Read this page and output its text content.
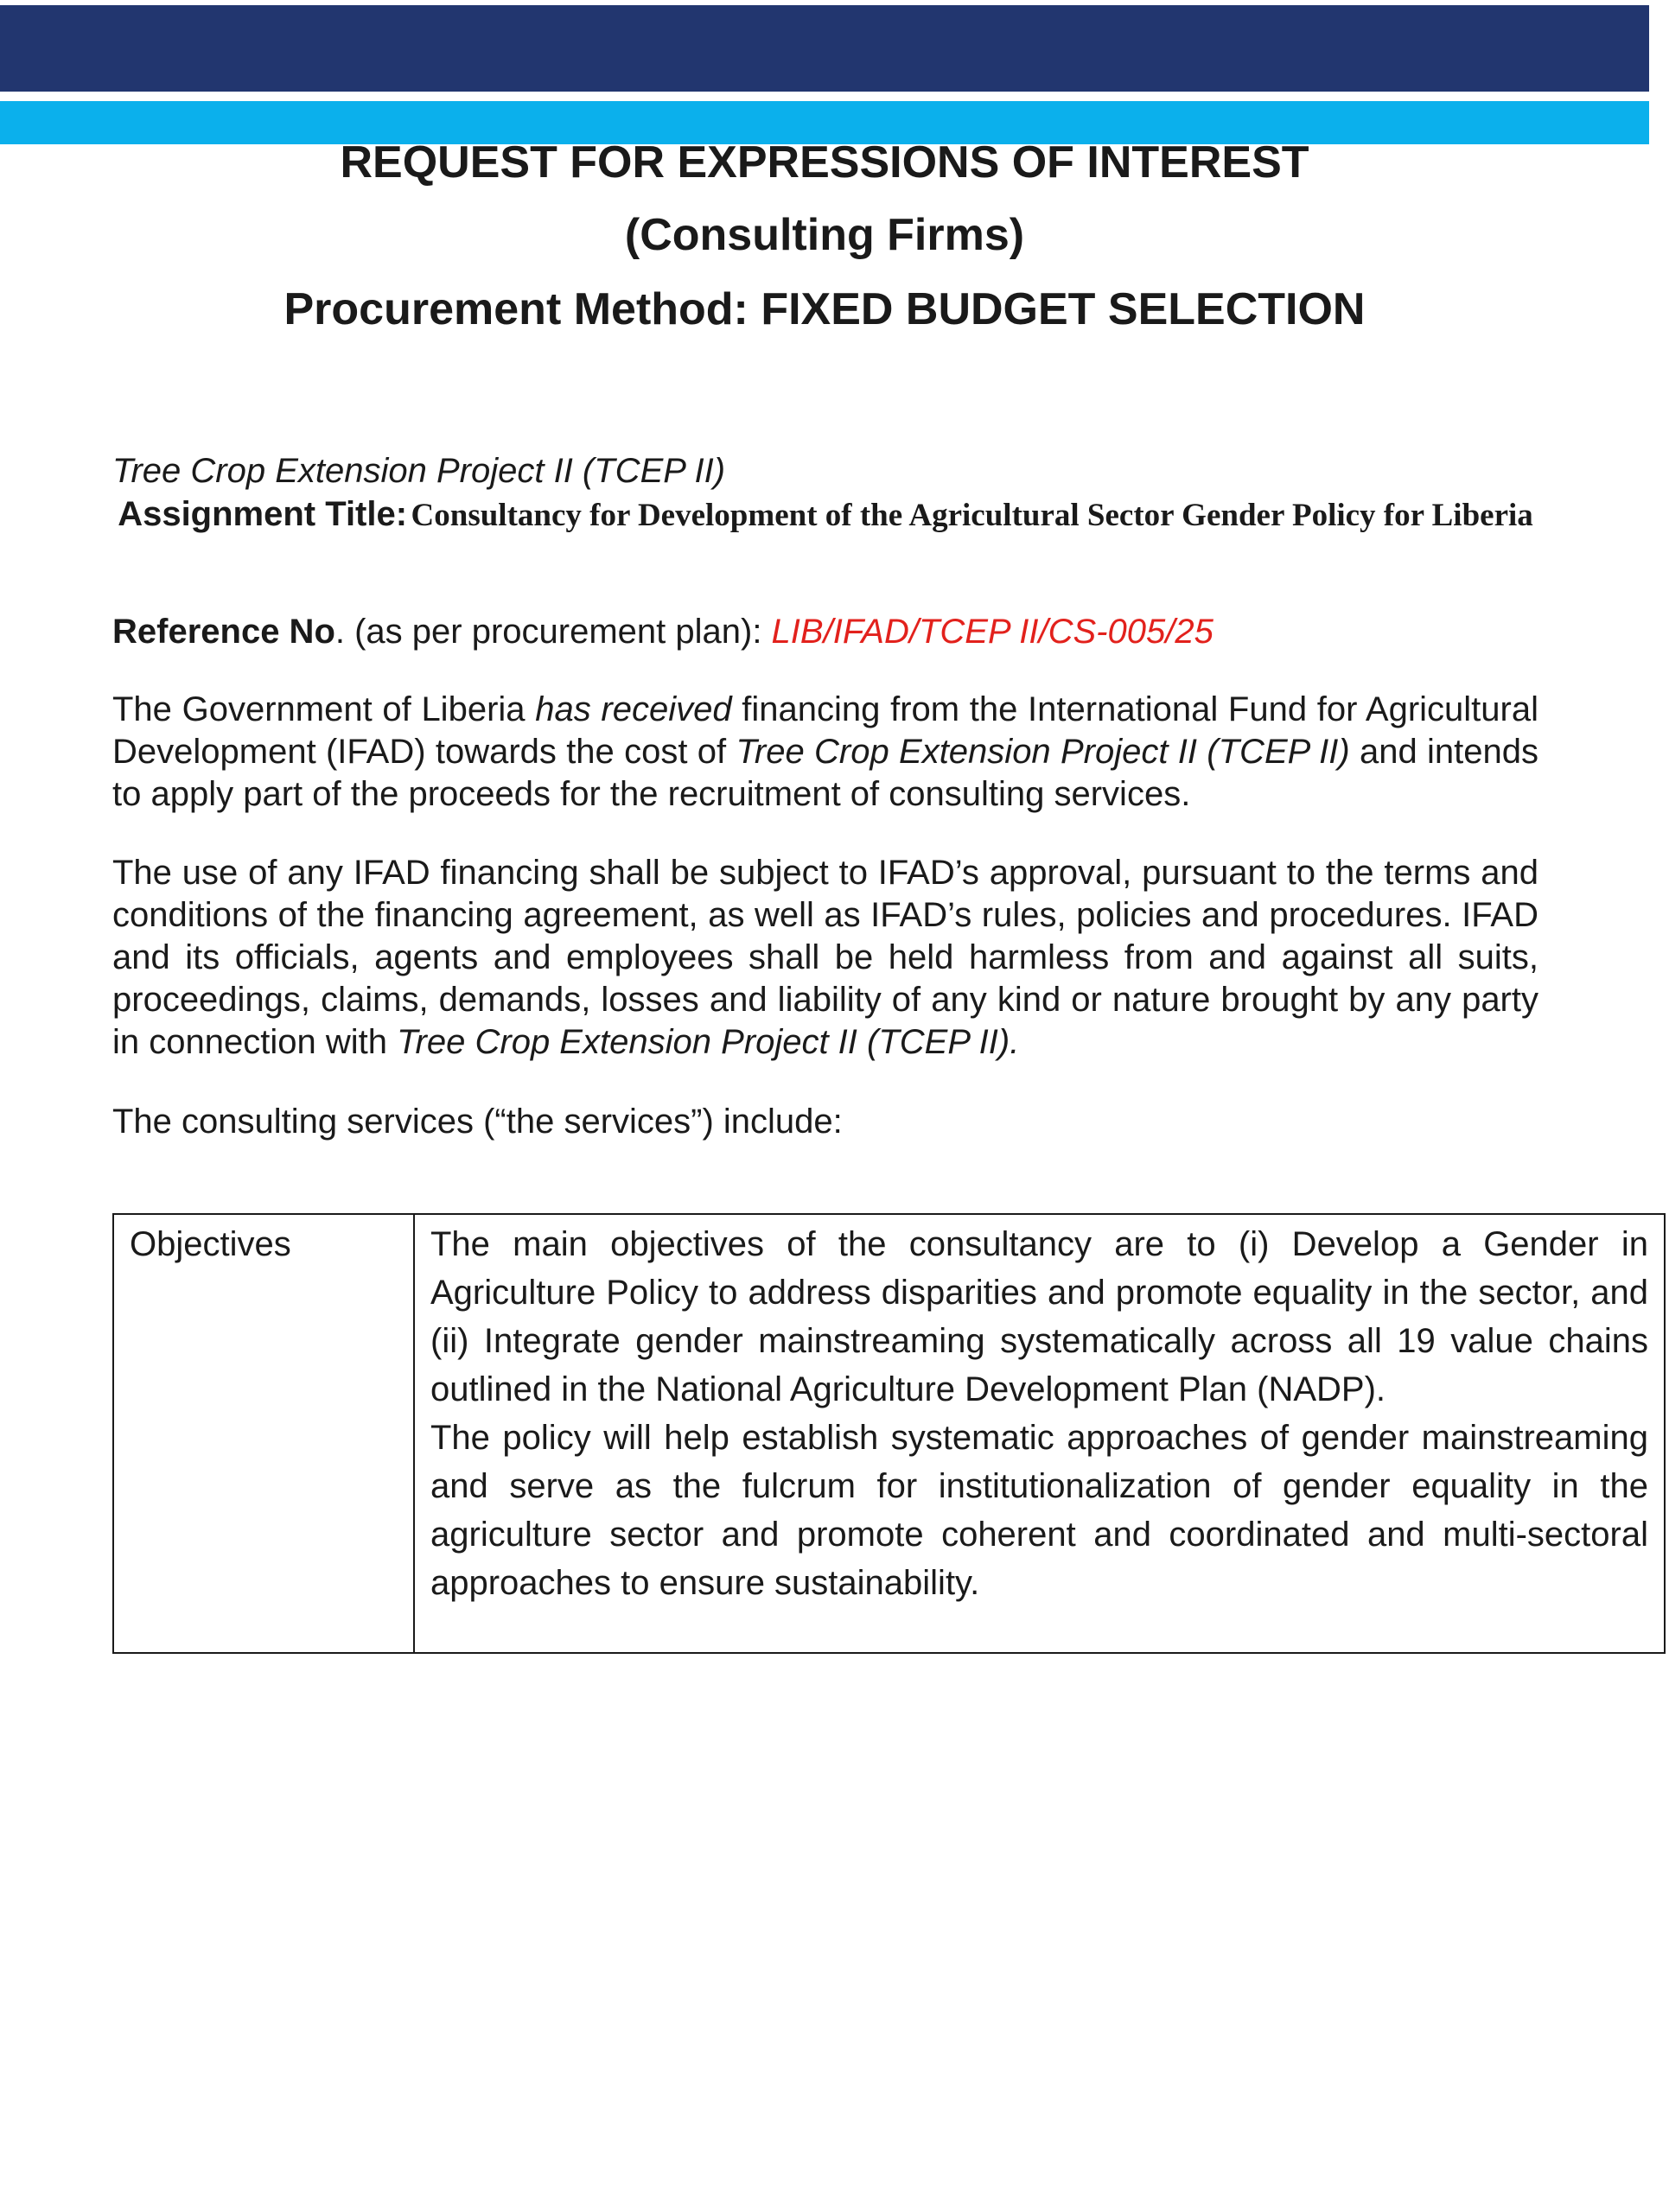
REQUEST FOR EXPRESSIONS OF INTEREST
(Consulting Firms)
Procurement Method: FIXED BUDGET SELECTION
Tree Crop Extension Project II (TCEP II)
Assignment Title: Consultancy for Development of the Agricultural Sector Gender Policy for Liberia
Reference No. (as per procurement plan): LIB/IFAD/TCEP II/CS-005/25

The Government of Liberia has received financing from the International Fund for Agricultural Development (IFAD) towards the cost of Tree Crop Extension Project II (TCEP II) and intends to apply part of the proceeds for the recruitment of consulting services.

The use of any IFAD financing shall be subject to IFAD’s approval, pursuant to the terms and conditions of the financing agreement, as well as IFAD’s rules, policies and procedures. IFAD and its officials, agents and employees shall be held harmless from and against all suits, proceedings, claims, demands, losses and liability of any kind or nature brought by any party in connection with Tree Crop Extension Project II (TCEP II).

The consulting services (“the services”) include:

Objectives	The main objectives of the consultancy are to (i) Develop a Gender in Agriculture Policy to address disparities and promote equality in the sector, and (ii) Integrate gender mainstreaming systematically across all 19 value chains outlined in the National Agriculture Development Plan (NADP).

The policy will help establish systematic approaches of gender mainstreaming and serve as the fulcrum for institutionalization of gender equality in the agriculture sector and promote coherent and coordinated and multi-sectoral approaches to ensure sustainability.
